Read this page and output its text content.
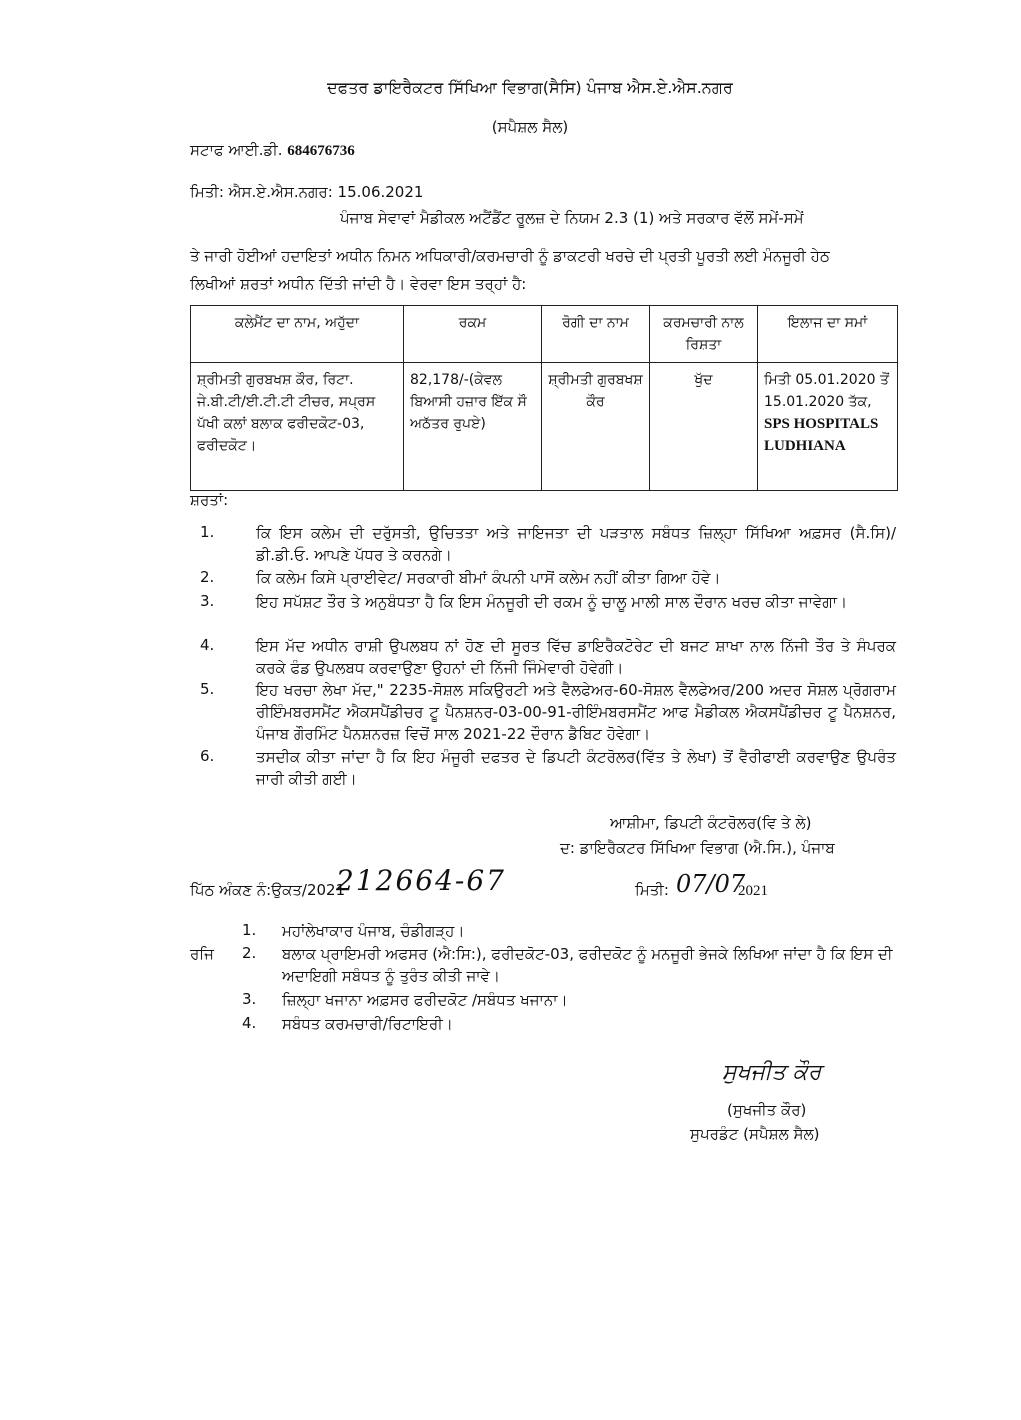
ਦਫਤਰ ਡਾਇਰੈਕਟਰ ਸਿੱਖਿਆ ਵਿਭਾਗ(ਸੈਸਿ) ਪੰਜਾਬ ਐਸ.ਏ.ਐਸ.ਨਗਰ
(ਸਪੈਸ਼ਲ ਸੈਲ)
ਸਟਾਫ ਆਈ.ਡੀ. 684676736
ਮਿਤੀ: ਐਸ.ਏ.ਐਸ.ਨਗਰ: 15.06.2021
ਪੰਜਾਬ ਸੇਵਾਵਾਂ ਮੈਡੀਕਲ ਅਟੈਂਡੈਂਟ ਰੂਲਜ਼ ਦੇ ਨਿਯਮ 2.3 (1) ਅਤੇ ਸਰਕਾਰ ਵੱਲੋਂ ਸਮੇਂ-ਸਮੇਂ
ਤੇ ਜਾਰੀ ਹੋਈਆਂ ਹਦਾਇਤਾਂ ਅਧੀਨ ਨਿਮਨ ਅਧਿਕਾਰੀ/ਕਰਮਚਾਰੀ ਨੂੰ ਡਾਕਟਰੀ ਖਰਚੇ ਦੀ ਪ੍ਰਤੀ ਪੂਰਤੀ ਲਈ ਮੰਨਜੂਰੀ ਹੇਠ
ਲਿਖੀਆਂ ਸ਼ਰਤਾਂ ਅਧੀਨ ਦਿੱਤੀ ਜਾਂਦੀ ਹੈ। ਵੇਰਵਾ ਇਸ ਤਰ੍ਹਾਂ ਹੈ:
ਕਲੇਮੈਂਟ ਦਾ ਨਾਮ, ਅਹੁੱਦਾ	ਰਕਮ	ਰੋਗੀ ਦਾ ਨਾਮ	ਕਰਮਚਾਰੀ ਨਾਲ ਰਿਸ਼ਤਾ	ਇਲਾਜ ਦਾ ਸਮਾਂ
ਸ਼੍ਰੀਮਤੀ ਗੁਰਬਖਸ਼ ਕੌਰ, ਰਿਟਾ. ਜੇ.ਬੀ.ਟੀ/ਈ.ਟੀ.ਟੀ ਟੀਚਰ, ਸਪ੍ਰਸ ਪੱਖੀ ਕਲਾਂ ਬਲਾਕ ਫਰੀਦਕੋਟ-03, ਫਰੀਦਕੋਟ।	82,178/-(ਕੇਵਲ ਬਿਆਸੀ ਹਜ਼ਾਰ ਇੱਕ ਸੌ ਅਠੱਤਰ ਰੁਪਏ)	ਸ਼੍ਰੀਮਤੀ ਗੁਰਬਖਸ਼ ਕੌਰ	ਖੁੱਦ	ਮਿਤੀ 05.01.2020 ਤੋਂ 15.01.2020 ਤੱਕ,
SPS HOSPITALS LUDHIANA
ਸ਼ਰਤਾਂ:
1.	ਕਿ ਇਸ ਕਲੇਮ ਦੀ ਦਰੁੱਸਤੀ, ਉਚਿਤਤਾ ਅਤੇ ਜਾਇਜਤਾ ਦੀ ਪੜਤਾਲ ਸਬੰਧਤ ਜ਼ਿਲ੍ਹਾ ਸਿੱਖਿਆ ਅਫ਼ਸਰ (ਸੈ.ਸਿ)/ ਡੀ.ਡੀ.ਓ. ਆਪਣੇ ਪੱਧਰ ਤੇ ਕਰਨਗੇ।
2.	ਕਿ ਕਲੇਮ ਕਿਸੇ ਪ੍ਰਾਈਵੇਟ/ ਸਰਕਾਰੀ ਬੀਮਾਂ ਕੰਪਨੀ ਪਾਸੋਂ ਕਲੇਮ ਨਹੀਂ ਕੀਤਾ ਗਿਆ ਹੋਵੇ।
3.	ਇਹ ਸਪੱਸ਼ਟ ਤੌਰ ਤੇ ਅਨੁਬੰਧਤਾ ਹੈ ਕਿ ਇਸ ਮੰਨਜੂਰੀ ਦੀ ਰਕਮ ਨੂੰ ਚਾਲੂ ਮਾਲੀ ਸਾਲ ਦੌਰਾਨ ਖਰਚ ਕੀਤਾ ਜਾਵੇਗਾ।
4.	ਇਸ ਮੱਦ ਅਧੀਨ ਰਾਸ਼ੀ ਉਪਲਬਧ ਨਾਂ ਹੋਣ ਦੀ ਸੂਰਤ ਵਿੱਚ ਡਾਇਰੈਕਟੋਰੇਟ ਦੀ ਬਜਟ ਸ਼ਾਖਾ ਨਾਲ ਨਿੱਜੀ ਤੌਰ ਤੇ ਸੰਪਰਕ ਕਰਕੇ ਫੰਡ ਉਪਲਬਧ ਕਰਵਾਉਣਾ ਉਹਨਾਂ ਦੀ ਨਿੱਜੀ ਜਿੰਮੇਵਾਰੀ ਹੋਵੇਗੀ।
5.	ਇਹ ਖਰਚਾ ਲੇਖਾ ਮੱਦ," 2235-ਸੋਸ਼ਲ ਸਕਿਉਰਟੀ ਅਤੇ ਵੈਲਫੇਅਰ-60-ਸੋਸ਼ਲ ਵੈਲਫੇਅਰ/200 ਅਦਰ ਸੋਸ਼ਲ ਪ੍ਰੋਗਰਾਮ ਰੀਇੰਮਬਰਸਮੈਂਟ ਐਕਸਪੈਂਡੀਚਰ ਟੂ ਪੈਨਸ਼ਨਰ-03-00-91-ਰੀਇੰਮਬਰਸਮੈਂਟ ਆਫ ਮੈਡੀਕਲ ਐਕਸਪੈਂਡੀਚਰ ਟੂ ਪੈਨਸ਼ਨਰ, ਪੰਜਾਬ ਗੌਰਮਿੰਟ ਪੈਨਸ਼ਨਰਜ਼ ਵਿਚੋਂ ਸਾਲ 2021-22 ਦੌਰਾਨ ਡੈਬਿਟ ਹੋਵੇਗਾ।
6.	ਤਸਦੀਕ ਕੀਤਾ ਜਾਂਦਾ ਹੈ ਕਿ ਇਹ ਮੰਜੂਰੀ ਦਫਤਰ ਦੇ ਡਿਪਟੀ ਕੰਟਰੋਲਰ(ਵਿੱਤ ਤੇ ਲੇਖਾ) ਤੋਂ ਵੈਰੀਫਾਈ ਕਰਵਾਉਣ ਉਪਰੰਤ ਜਾਰੀ ਕੀਤੀ ਗਈ।
ਆਸ਼ੀਮਾ, ਡਿਪਟੀ ਕੰਟਰੋਲਰ(ਵਿ ਤੇ ਲੇ)
ਦ: ਡਾਇਰੈਕਟਰ ਸਿੱਖਿਆ ਵਿਭਾਗ (ਐ.ਸਿ.), ਪੰਜਾਬ
ਪਿੱਠ ਅੰਕਣ ਨੰ:ਉਕਤ/2021
212664-67	ਮਿਤੀ: 07/07
2021
ਰਜਿ
1. ਮਹਾਂਲੇਖਾਕਾਰ ਪੰਜਾਬ, ਚੰਡੀਗੜ੍ਹ।
2. ਬਲਾਕ ਪ੍ਰਾਇਮਰੀ ਅਫਸਰ (ਐ:ਸਿ:), ਫਰੀਦਕੋਟ-03, ਫਰੀਦਕੋਟ ਨੂੰ ਮਨਜੂਰੀ ਭੇਜਕੇ ਲਿਖਿਆ ਜਾਂਦਾ ਹੈ ਕਿ ਇਸ ਦੀ ਅਦਾਇਗੀ ਸਬੰਧਤ ਨੂੰ ਤੁਰੰਤ ਕੀਤੀ ਜਾਵੇ।
3. ਜ਼ਿਲ੍ਹਾ ਖਜਾਨਾ ਅਫ਼ਸਰ ਫਰੀਦਕੋਟ /ਸਬੰਧਤ ਖਜਾਨਾ।
4. ਸਬੰਧਤ ਕਰਮਚਾਰੀ/ਰਿਟਾਇਰੀ।
ਸੁਖਜੀਤ ਕੌਰ
(ਸੁਖਜੀਤ ਕੌਰ)
ਸੁਪਰਡੰਟ (ਸਪੈਸ਼ਲ ਸੈਲ)
